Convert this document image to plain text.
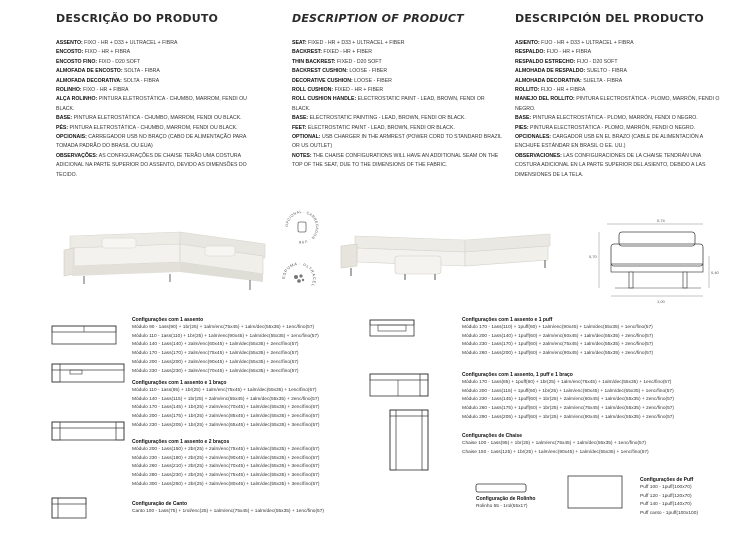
DESCRIÇÃO DO PRODUTO

ASSENTO: FIXO - HR + D33 + ULTRACEL + FIBRA
ENCOSTO: FIXO - HR + FIBRA
ENCOSTO FINO: FIXO - D20 SOFT
ALMOFADA DE ENCOSTO: SOLTA - FIBRA
ALMOFADA DECORATIVA: SOLTA - FIBRA
ROLINHO: FIXO - HR + FIBRA
ALÇA ROLINHO: PINTURA ELETROSTÁTICA - CHUMBO, MARROM, FENDI OU BLACK.
BASE: PINTURA ELETROSTÁTICA - CHUMBO, MARROM, FENDI OU BLACK.
PÉS: PINTURA ELETROSTÁTICA - CHUMBO, MARROM, FENDI OU BLACK.
OPCIONAIS: CARREGADOR USB NO BRAÇO (CABO DE ALIMENTAÇÃO PARA TOMADA PADRÃO DO BRASIL OU EUA)
OBSERVAÇÕES: AS CONFIGURAÇÕES DE CHAISE TERÃO UMA COSTURA ADICIONAL NA PARTE SUPERIOR DO ASSENTO, DEVIDO AS DIMENSÕES DO TECIDO.

DESCRIPTION OF PRODUCT

SEAT: FIXED - HR + D33 + ULTRACEL + FIBER
BACKREST: FIXED - HR + FIBER
THIN BACKREST: FIXED - D20 SOFT
BACKREST CUSHION: LOOSE - FIBER
DECORATIVE CUSHION: LOOSE - FIBER
ROLL CUSHION: FIXED - HR + FIBER
ROLL CUSHION HANDLE: ELECTROSTATIC PAINT - LEAD, BROWN, FENDI OR BLACK.
BASE: ELECTROSTATIC PAINTING - LEAD, BROWN, FENDI OR BLACK.
FEET: ELECTROSTATIC PAINT - LEAD, BROWN, FENDI OR BLACK.
OPTIONAL: USB CHARGER IN THE ARMREST (POWER CORD TO STANDARD BRAZIL OR US OUTLET)
NOTES: THE CHAISE CONFIGURATIONS WILL HAVE AN ADDITIONAL SEAM ON THE TOP OF THE SEAT, DUE TO THE DIMENSIONS OF THE FABRIC.

DESCRIPCIÓN DEL PRODUCTO

ASIENTO: FIJO - HR + D33 + ULTRACEL + FIBRA
RESPALDO: FIJO - HR + FIBRA
RESPALDO ESTRECHO: FIJO - D20 SOFT
ALMOHADA DE RESPALDO: SUELTO - FIBRA
ALMOHADA DECORATIVA: SUELTA - FIBRA
ROLLITO: FIJO - HR + FIBRA
MANEJO DEL ROLLITO: PINTURA ELECTROSTÁTICA - PLOMO, MARRÓN, FENDI O NEGRO.
BASE: PINTURA ELECTROSTÁTICA - PLOMO, MARRÓN, FENDI O NEGRO.
PIES: PINTURA ELECTROSTÁTICA - PLOMO, MARRÓN, FENDI O NEGRO.
OPCIONALES: CARGADOR USB EN EL BRAZO (CABLE DE ALIMENTACIÓN A ENCHUFE ESTÁNDAR EN BRASIL O EE. UU.)
OBSERVACIONES: LAS CONFIGURACIONES DE LA CHAISE TENDRÁN UNA COSTURA ADICIONAL EN LA PARTE SUPERIOR DEL ASIENTO, DEBIDO A LAS DIMENSIONES DE LA TELA.

OPCIONAL · CARREGADOR · USB
ESPUMA · ULTRACEL
0,74
0,70
0,40
1,00
Configurações com 1 assento
Módulo 90 - 1ass(90) + 1br(25) + 1alm/enc(75x45) + 1alm/dec(55x35) + 1enc/fino(57)
Módulo 110 - 1ass(110) + 1br(25) + 1alm/enc(90x45) + 1alm/dec(55x35) + 1enc/fino(57)
Módulo 140 - 1ass(140) + 2alm/enc(60x45) + 1alm/dec(55x35) + 2enc/fino(57)
Módulo 170 - 1ass(170) + 2alm/enc(75x45) + 1alm/dec(55x35) + 2enc/fino(57)
Módulo 200 - 1ass(200) + 2alm/enc(90x45) + 1alm/dec(55x35) + 2enc/fino(57)
Módulo 230 - 1ass(230) + 3alm/enc(70x45) + 1alm/dec(55x35) + 3enc/fino(57)
Configurações com 1 assento e 1 braço
Módulo 110 - 1ass(85) + 1br(25) + 1alm/enc(75x45) + 1alm/dec(55x35) + 1enc/fino(57)
Módulo 140 - 1ass(115) + 1br(25) + 2alm/enc(55x45) + 1alm/dec(55x35) + 2enc/fino(57)
Módulo 170 - 1ass(145) + 1br(25) + 2alm/enc(70x45) + 1alm/dec(55x35) + 2enc/fino(57)
Módulo 200 - 1ass(175) + 1br(25) + 2alm/enc(85x45) + 1alm/dec(55x35) + 2enc/fino(57)
Módulo 230 - 1ass(205) + 1br(25) + 3alm/enc(65x45) + 1alm/dec(55x35) + 3enc/fino(57)
Configurações com 1 assento e 2 braços
Módulo 200 - 1ass(150) + 2br(25) + 2alm/enc(75x45) + 1alm/dec(55x35) + 2enc/fino(57)
Módulo 230 - 1ass(180) + 2br(25) + 2alm/enc(90x45) + 1alm/dec(55x35) + 2enc/fino(57)
Módulo 260 - 1ass(210) + 2br(25) + 3alm/enc(70x45) + 1alm/dec(55x35) + 3enc/fino(57)
Módulo 280 - 1ass(230) + 2br(25) + 3alm/enc(75x45) + 1alm/dec(55x35) + 3enc/fino(57)
Módulo 300 - 1ass(250) + 2br(25) + 3alm/enc(80x45) + 1alm/dec(55x35) + 3enc/fino(57)
Configuração de Canto
Canto 100 - 1ass(75) + 1rol/enc(25) + 1alm/enc(75x45) + 1alm/dec(55x35) + 1enc/fino(57)
Configurações com 1 assento e 1 puff
Módulo 170 - 1ass(110) + 1puff(60) + 1alm/enc(90x45) + 1alm/dec(55x35) + 1enc/fino(57)
Módulo 200 - 1ass(140) + 1puff(60) + 2alm/enc(60x45) + 1alm/dec(55x35) + 2enc/fino(57)
Módulo 230 - 1ass(170) + 1puff(60) + 2alm/enc(75x45) + 1alm/dec(55x35) + 2enc/fino(57)
Módulo 260 - 1ass(200) + 1puff(60) + 2alm/enc(90x45) + 1alm/dec(55x35) + 2enc/fino(57)
Configurações com 1 assento, 1 puff e 1 braço
Módulo 170 - 1ass(85) + 1puff(60) + 1br(25) + 1alm/enc(75x45) + 1alm/dec(55x35) + 1enc/fino(57)
Módulo 200 - 1ass(115) + 1puff(60) + 1br(25) + 1alm/enc(90x45) + 1alm/dec(55x35) + 1enc/fino(57)
Módulo 230 - 1ass(145) + 1puff(60) + 1br(25) + 2alm/enc(60x45) + 1alm/dec(55x35) + 2enc/fino(57)
Módulo 260 - 1ass(175) + 1puff(60) + 1br(25) + 2alm/enc(75x45) + 1alm/dec(55x35) + 2enc/fino(57)
Módulo 290 - 1ass(205) + 1puff(60) + 1br(25) + 2alm/enc(90x45) + 1alm/dec(55x35) + 2enc/fino(57)
Configurações de Chaise
Chaise 100 - 1ass(95) + 1br(25) + 1alm/enc(75x45) + 1alm/dec(55x35) + 1enc/fino(57)
Chaise 150 - 1ass(125) + 1br(25) + 1alm/enc(90x45) + 1alm/dec(55x35) + 1enc/fino(57)
Configuração de Rolinho
Rolinho 55 - 1rol(55x17)
Configurações de Puff
Puff 100 - 1puff(100x70)
Puff 120 - 1puff(120x70)
Puff 140 - 1puff(140x70)
Puff canto - 1puff(100x100)
